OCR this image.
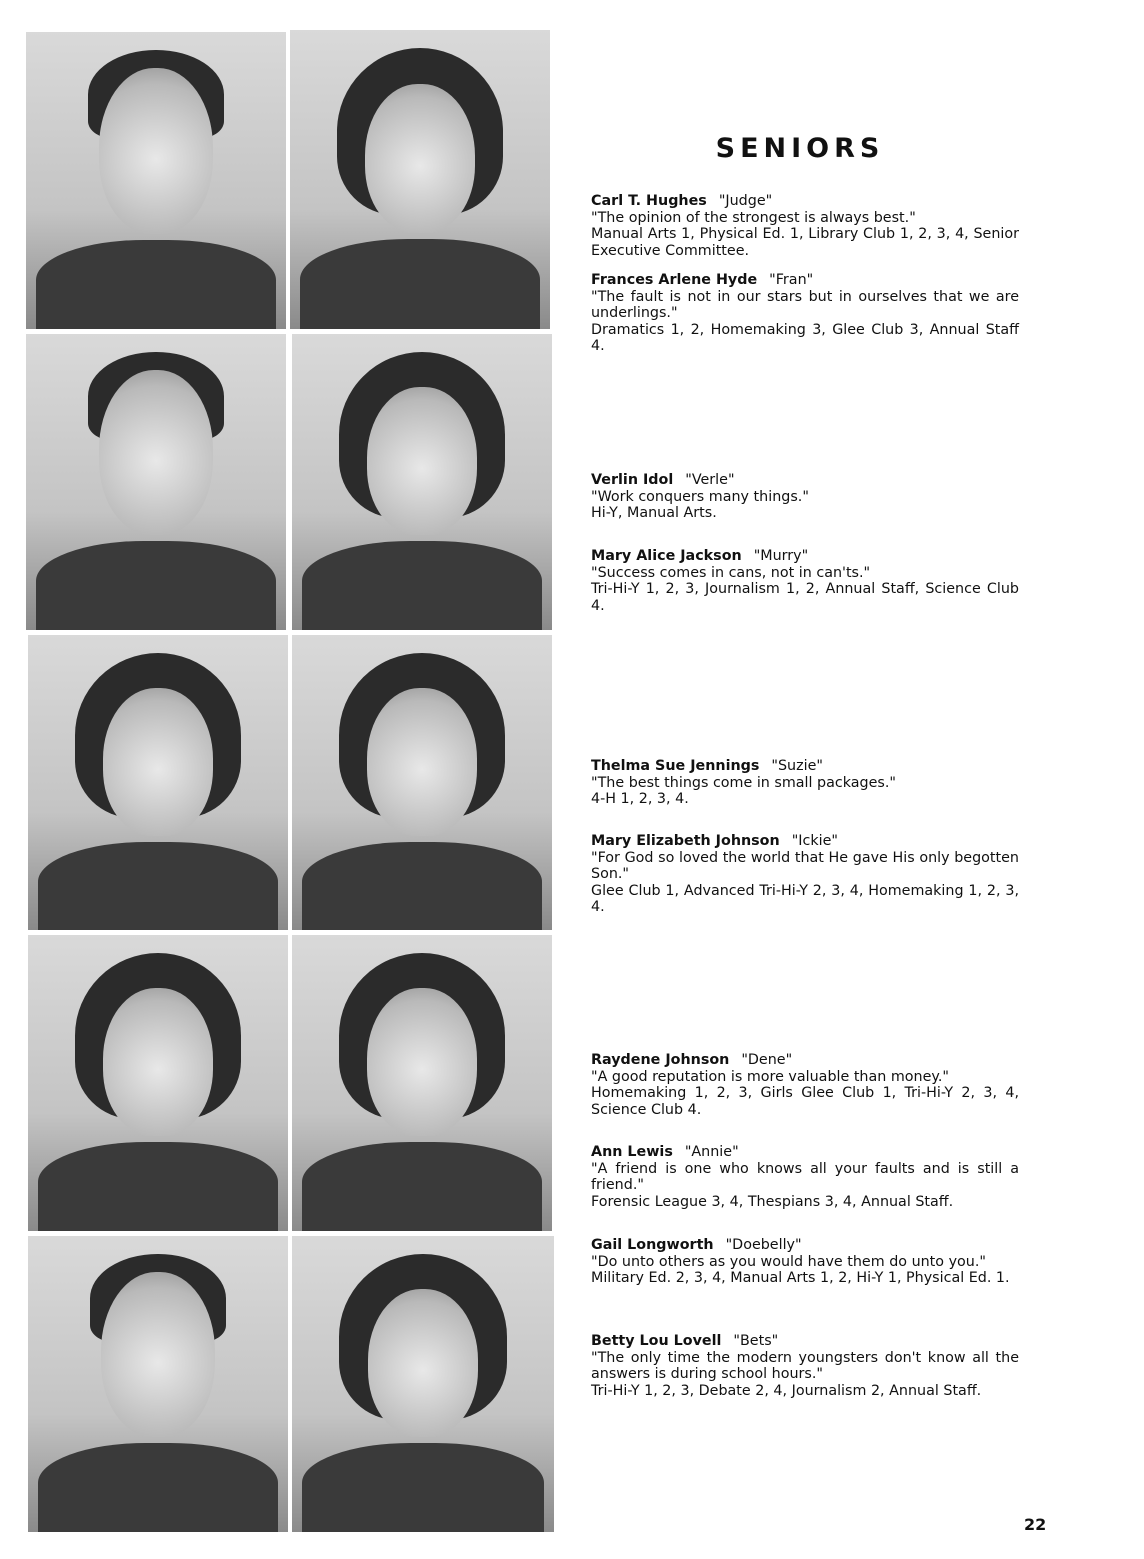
SENIORS

Carl T. Hughes "Judge"

"The opinion of the strongest is always best."

Manual Arts 1, Physical Ed. 1, Library Club 1, 2, 3, 4, Senior Executive Committee.

Frances Arlene Hyde "Fran"

"The fault is not in our stars but in ourselves that we are underlings."

Dramatics 1, 2, Homemaking 3, Glee Club 3, Annual Staff 4.

Verlin Idol "Verle"

"Work conquers many things."

Hi-Y, Manual Arts.

Mary Alice Jackson "Murry"

"Success comes in cans, not in can'ts."

Tri-Hi-Y 1, 2, 3, Journalism 1, 2, Annual Staff, Science Club 4.

Thelma Sue Jennings "Suzie"

"The best things come in small packages."

4-H 1, 2, 3, 4.

Mary Elizabeth Johnson "Ickie"

"For God so loved the world that He gave His only begotten Son."

Glee Club 1, Advanced Tri-Hi-Y 2, 3, 4, Homemaking 1, 2, 3, 4.

Raydene Johnson "Dene"

"A good reputation is more valuable than money."

Homemaking 1, 2, 3, Girls Glee Club 1, Tri-Hi-Y 2, 3, 4, Science Club 4.

Ann Lewis "Annie"

"A friend is one who knows all your faults and is still a friend."

Forensic League 3, 4, Thespians 3, 4, Annual Staff.

Gail Longworth "Doebelly"

"Do unto others as you would have them do unto you."

Military Ed. 2, 3, 4, Manual Arts 1, 2, Hi-Y 1, Physical Ed. 1.

Betty Lou Lovell "Bets"

"The only time the modern youngsters don't know all the answers is during school hours."

Tri-Hi-Y 1, 2, 3, Debate 2, 4, Journalism 2, Annual Staff.

22
